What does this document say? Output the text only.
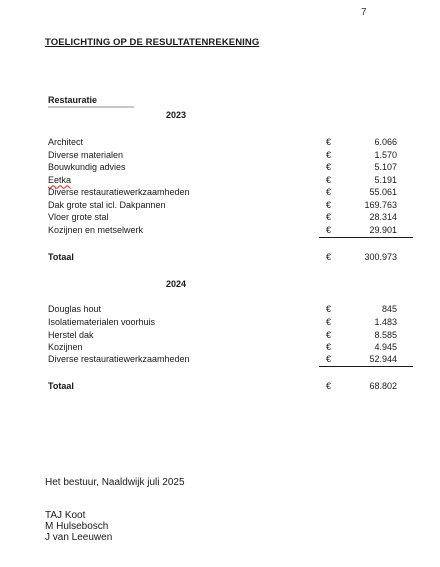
7
TOELICHTING OP DE RESULTATENREKENING
Restauratie
2023
Architect	€	6.066
Diverse materialen	€	1.570
Bouwkundig advies	€	5.107
Eetka	€	5.191
Diverse restauratiewerkzaamheden	€	55.061
Dak grote stal icl. Dakpannen	€	169.763
Vloer grote stal	€	28.314
Kozijnen en metselwerk	€	29.901
Totaal	€	300.973
2024
Douglas hout	€	845
Isolatiematerialen voorhuis	€	1.483
Herstel dak	€	8.585
Kozijnen	€	4.945
Diverse restauratiewerkzaamheden	€	52.944
Totaal	€	68.802
Het bestuur, Naaldwijk juli 2025
TAJ Koot
M Hulsebosch
J van Leeuwen
